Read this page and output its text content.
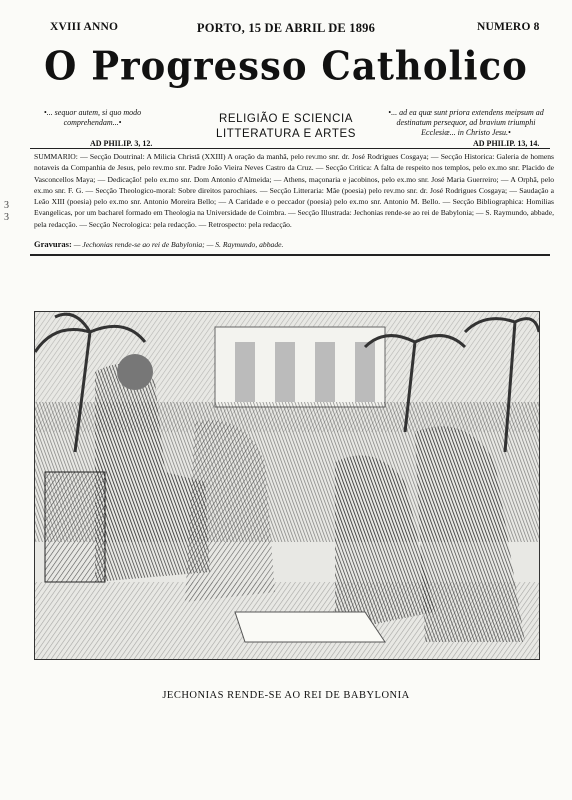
XVIII ANNO	PORTO, 15 DE ABRIL DE 1896	NUMERO 8
O Progresso Catholico
•... sequor autem, si quo modo comprehendam...•
AD PHILIP. 3, 12.
RELIGIÃO E SCIENCIA
LITTERATURA E ARTES
•... ad ea quæ sunt priora extendens meipsum ad destinatum persequor, ad bravium triumphi Ecclesiæ... in Christo Jesu.•
AD PHILIP. 13, 14.
SUMMARIO: — Secção Doutrinal: A Milicia Christã (XXIII) A oração da manhã, pelo rev.mo snr. dr. José Rodrigues Cosgaya; — Secção Historica: Galeria de homens notaveis da Companhia de Jesus, pelo rev.mo snr. Padre João Vieira Neves Castro da Cruz. — Secção Critica: A falta de respeito nos templos, pelo ex.mo snr. Placido de Vasconcellos Maya; — Dedicação! pelo ex.mo snr. Dom Antonio d'Almeida; — Athens, maçonaria e jacobinos, pelo ex.mo snr. José Maria Guerreiro; — A Orphã, pelo ex.mo snr. F. G. — Secção Theologico-moral: Sobre direitos parochiaes. — Secção Litteraria: Mãe (poesia) pelo rev.mo snr. dr. José Rodrigues Cosgaya; — Saudação a Leão XIII (poesia) pelo ex.mo snr. Antonio Moreira Bello; — A Caridade e o peccador (poesia) pelo ex.mo snr. Antonio M. Bello. — Secção Bibliographica: Homilias Evangelicas, por um bacharel formado em Theologia na Universidade de Coimbra. — Secção Illustrada: Jechonias rende-se ao rei de Babylonia; — S. Raymundo, abbade, pela redacção. — Secção Necrologica: pela redacção. — Retrospecto: pela redacção.
Gravuras: — Jechonias rende-se ao rei de Babylonia; — S. Raymundo, abbade.
JECHONIAS RENDE-SE AO REI DE BABYLONIA
3
3
